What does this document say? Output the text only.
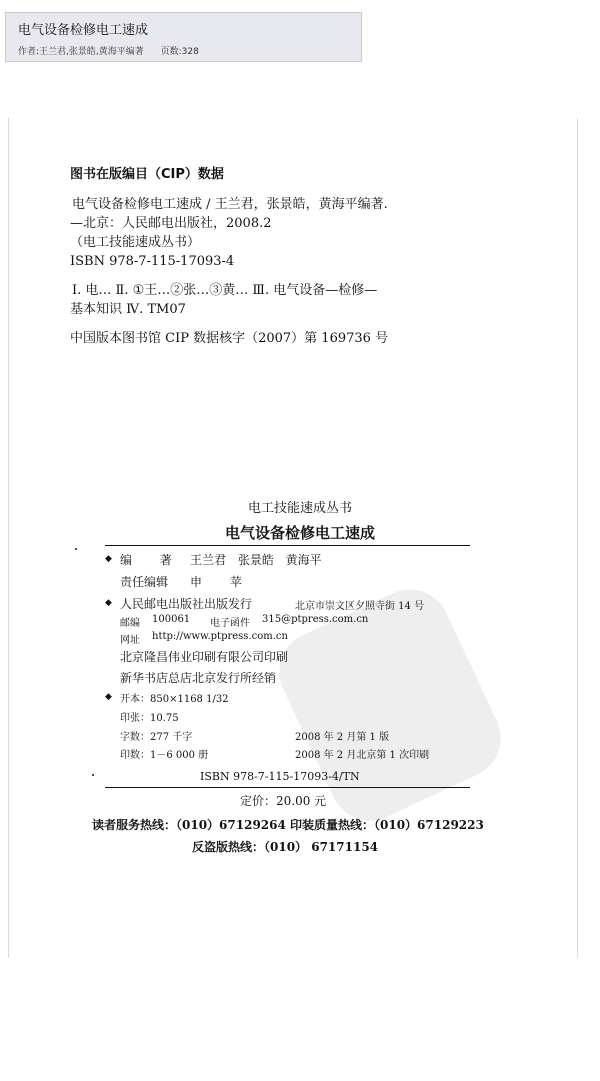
电气设备检修电工速成
作者:王兰君,张景皓,黄海平编著 页数:328
图书在版编目（CIP）数据
电气设备检修电工速成 / 王兰君，张景皓，黄海平编著.
—北京：人民邮电出版社，2008.2
（电工技能速成丛书）
ISBN 978-7-115-17093-4
Ⅰ. 电… Ⅱ. ①王…②张…③黄… Ⅲ. 电气设备—检修—
基本知识 Ⅳ. TM07
中国版本图书馆 CIP 数据核字（2007）第 169736 号
电工技能速成丛书
电气设备检修电工速成
◆ 编 著 王兰君 张景皓 黄海平
责任编辑 申 苹
◆ 人民邮电出版社出版发行	北京市崇文区夕照寺街 14 号
邮编 100061 电子函件 315@ptpress.com.cn
网址 http://www.ptpress.com.cn
北京隆昌伟业印刷有限公司印刷
新华书店总店北京发行所经销
◆ 开本：850×1168 1/32
印张：10.75
字数：277 千字	2008 年 2 月第 1 版
印数：1－6 000 册	2008 年 2 月北京第 1 次印刷
ISBN 978-7-115-17093-4/TN
定价：20.00 元
读者服务热线：（010）67129264 印装质量热线：（010）67129223
反盗版热线：（010） 67171154
